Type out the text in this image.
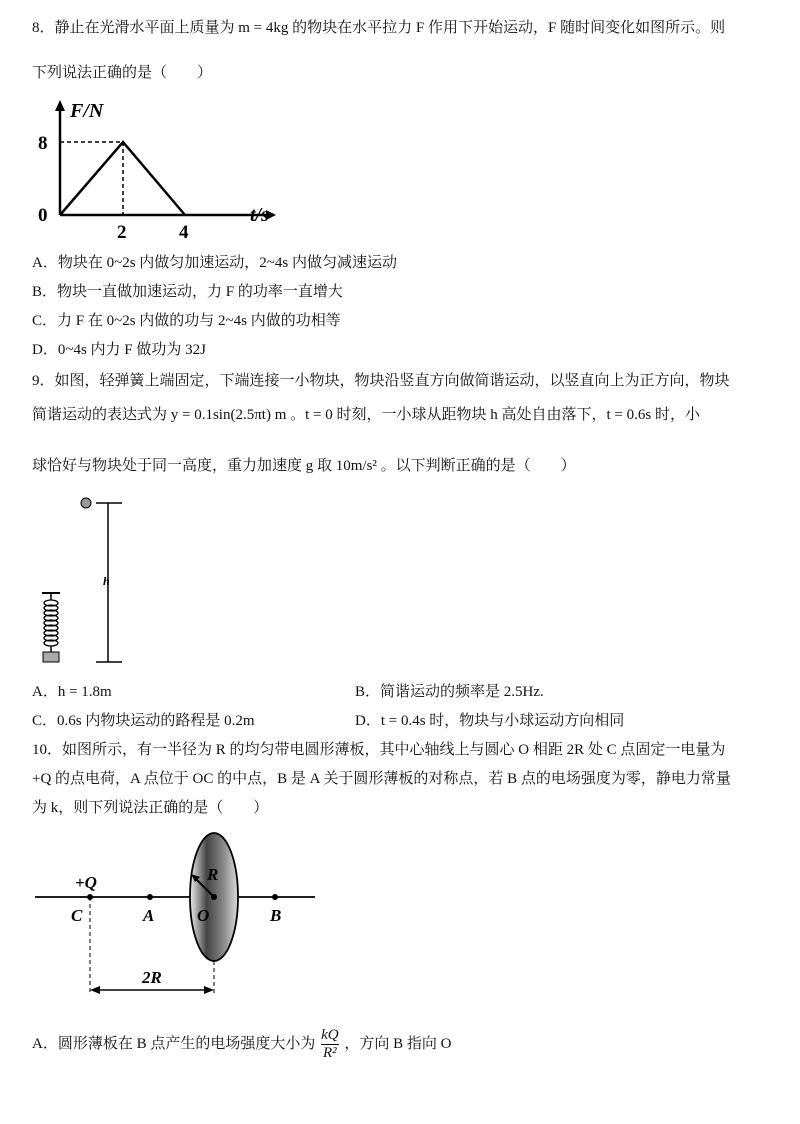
8．静止在光滑水平面上质量为 m = 4kg 的物块在水平拉力 F 作用下开始运动，F 随时间变化如图所示。则
下列说法正确的是（　　）
F/N
8
0
2	4
t/s
A．物块在 0~2s 内做匀加速运动，2~4s 内做匀减速运动
B．物块一直做加速运动，力 F 的功率一直增大
C．力 F 在 0~2s 内做的功与 2~4s 内做的功相等
D．0~4s 内力 F 做功为 32J
9．如图，轻弹簧上端固定，下端连接一小物块，物块沿竖直方向做简谐运动，以竖直向上为正方向，物块
简谐运动的表达式为 y = 0.1sin(2.5πt) m 。t = 0 时刻，一小球从距物块 h 高处自由落下，t = 0.6s 时，小
球恰好与物块处于同一高度，重力加速度 g 取 10m/s² 。以下判断正确的是（　　）
h
A．h = 1.8m	B．简谐运动的频率是 2.5Hz.
C．0.6s 内物块运动的路程是 0.2m	D．t = 0.4s 时，物块与小球运动方向相同
10．如图所示，有一半径为 R 的均匀带电圆形薄板，其中心轴线上与圆心 O 相距 2R 处 C 点固定一电量为
+Q 的点电荷，A 点位于 OC 的中点，B 是 A 关于圆形薄板的对称点，若 B 点的电场强度为零，静电力常量
为 k，则下列说法正确的是（　　）
+Q
C	A	O	B
R
2R
A．圆形薄板在 B 点产生的电场强度大小为 $\frac{kQ}{\text{R²}}$ ，方向 B 指向 O
